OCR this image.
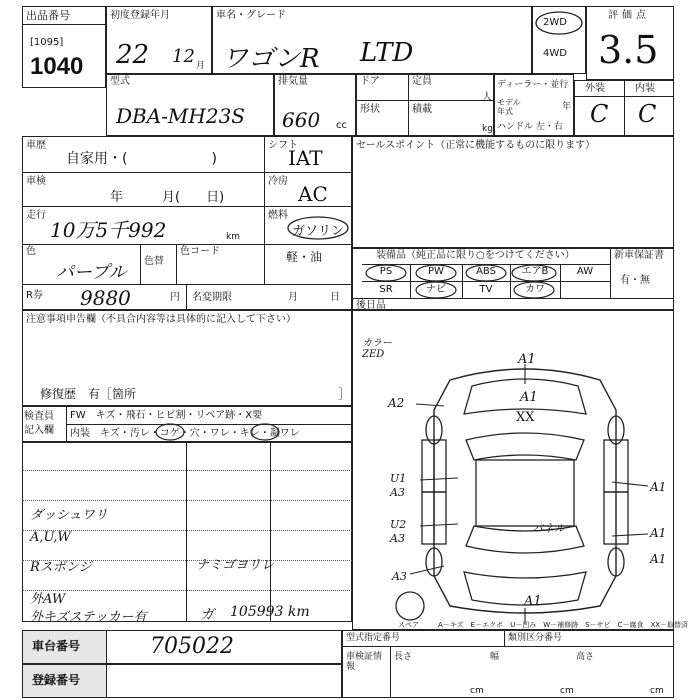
出品番号
[1095]
1040
初度登録年月
22 12 月
車名・グレード
ワゴンR LTD
2WD
4WD
評価点
3.5
型式
DBA-MH23S
排気量
660 cc
ドア	定員
人
形状	積載
kg
ディーラー・並行
モデル 年式	年
ハンドル 左・右
外装	内装
C C
車歴
自家用・(　　　　　　)
シフト
IAT
車検
年　　　月(　　日)
冷房
AC
走行
10万5千992	km
燃料
ガソリン
軽・油
色
パープル
色替
色コード
R券 9880	円 名変期限	月	日
セールスポイント（正常に機能するものに限ります）
装備品（純正品に限り○をつけてください）	新車保証書
有・無
PS	PW	ABS	エアB	AW
SR	ナビ	TV	カワ
後日品
注意事項申告欄（不具合内容等は具体的に記入して下さい）
修復歴　有［箇所	］
検査員 記入欄
FW　キズ・飛石・ヒビ割・リペア跡・X要
内装　キズ・汚レ・コゲ・穴・ワレ・キレ・凝ワレ
ダッシュワリ
A,U,W
Rスポンジ	ナミゴヨリレ
外AW
外キズステッカー有	ガ 105993 km
カラー
ZED	A1
A1
XX
A2
U1
A3
U2
A3
A1
A1
A3
A1
A1
パネル
スペア	A－キズ　E－エクボ　U－凹み　W－補修跡　S－サビ　C－腐食　XX－取替済
車台番号	705022
登録番号
型式指定番号	類別区分番号
車検証情報
長さ
cm
幅
cm
高さ
cm
